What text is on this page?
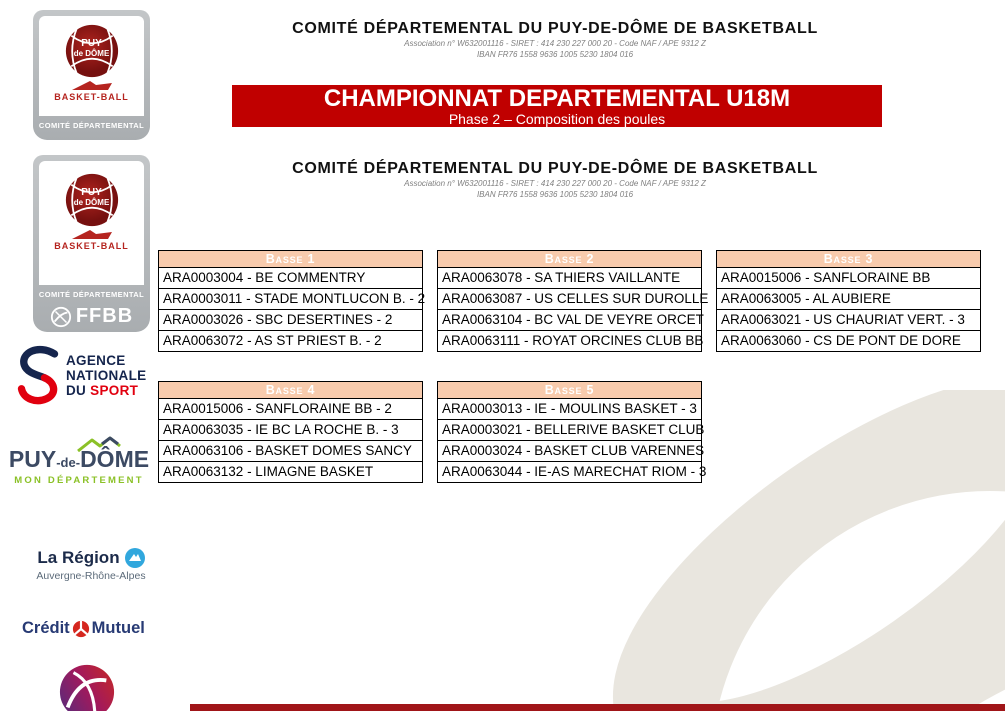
COMITÉ DÉPARTEMENTAL DU PUY-DE-DÔME DE BASKETBALL
Association n° W632001116 - SIRET : 414 230 227 000 20 - Code NAF / APE 9312 Z
IBAN FR76 1558 9636 1005 5230 1804 016
CHAMPIONNAT DEPARTEMENTAL U18M
Phase 2 – Composition des poules
COMITÉ DÉPARTEMENTAL DU PUY-DE-DÔME DE BASKETBALL
Association n° W632001116 - SIRET : 414 230 227 000 20 - Code NAF / APE 9312 Z
IBAN FR76 1558 9636 1005 5230 1804 016
Basse 1
ARA0003004 - BE COMMENTRY
ARA0003011 - STADE MONTLUCON B. - 2
ARA0003026 - SBC DESERTINES - 2
ARA0063072 - AS ST PRIEST B. - 2
Basse 2
ARA0063078 - SA THIERS VAILLANTE
ARA0063087 - US CELLES SUR DUROLLE
ARA0063104 - BC VAL DE VEYRE ORCET
ARA0063111 - ROYAT ORCINES CLUB BB
Basse 3
ARA0015006 - SANFLORAINE BB
ARA0063005 - AL AUBIERE
ARA0063021 - US CHAURIAT VERT. - 3
ARA0063060 - CS DE PONT DE DORE
Basse 4
ARA0015006 - SANFLORAINE BB - 2
ARA0063035 - IE BC LA ROCHE B. - 3
ARA0063106 - BASKET DOMES SANCY
ARA0063132 - LIMAGNE BASKET
Basse 5
ARA0003013 - IE - MOULINS BASKET - 3
ARA0003021 - BELLERIVE BASKET CLUB
ARA0003024 - BASKET CLUB VARENNES
ARA0063044 - IE-AS MARECHAT RIOM - 3
PUY
de DÔME
BASKET-BALL
COMITÉ DÉPARTEMENTAL
PUY
de DÔME
BASKET-BALL
COMITÉ DÉPARTEMENTAL
FFBB
AGENCE
NATIONALE
DU SPORT
PUY-de-DÔME
MON DÉPARTEMENT
La Région
Auvergne-Rhône-Alpes
Crédit Mutuel
